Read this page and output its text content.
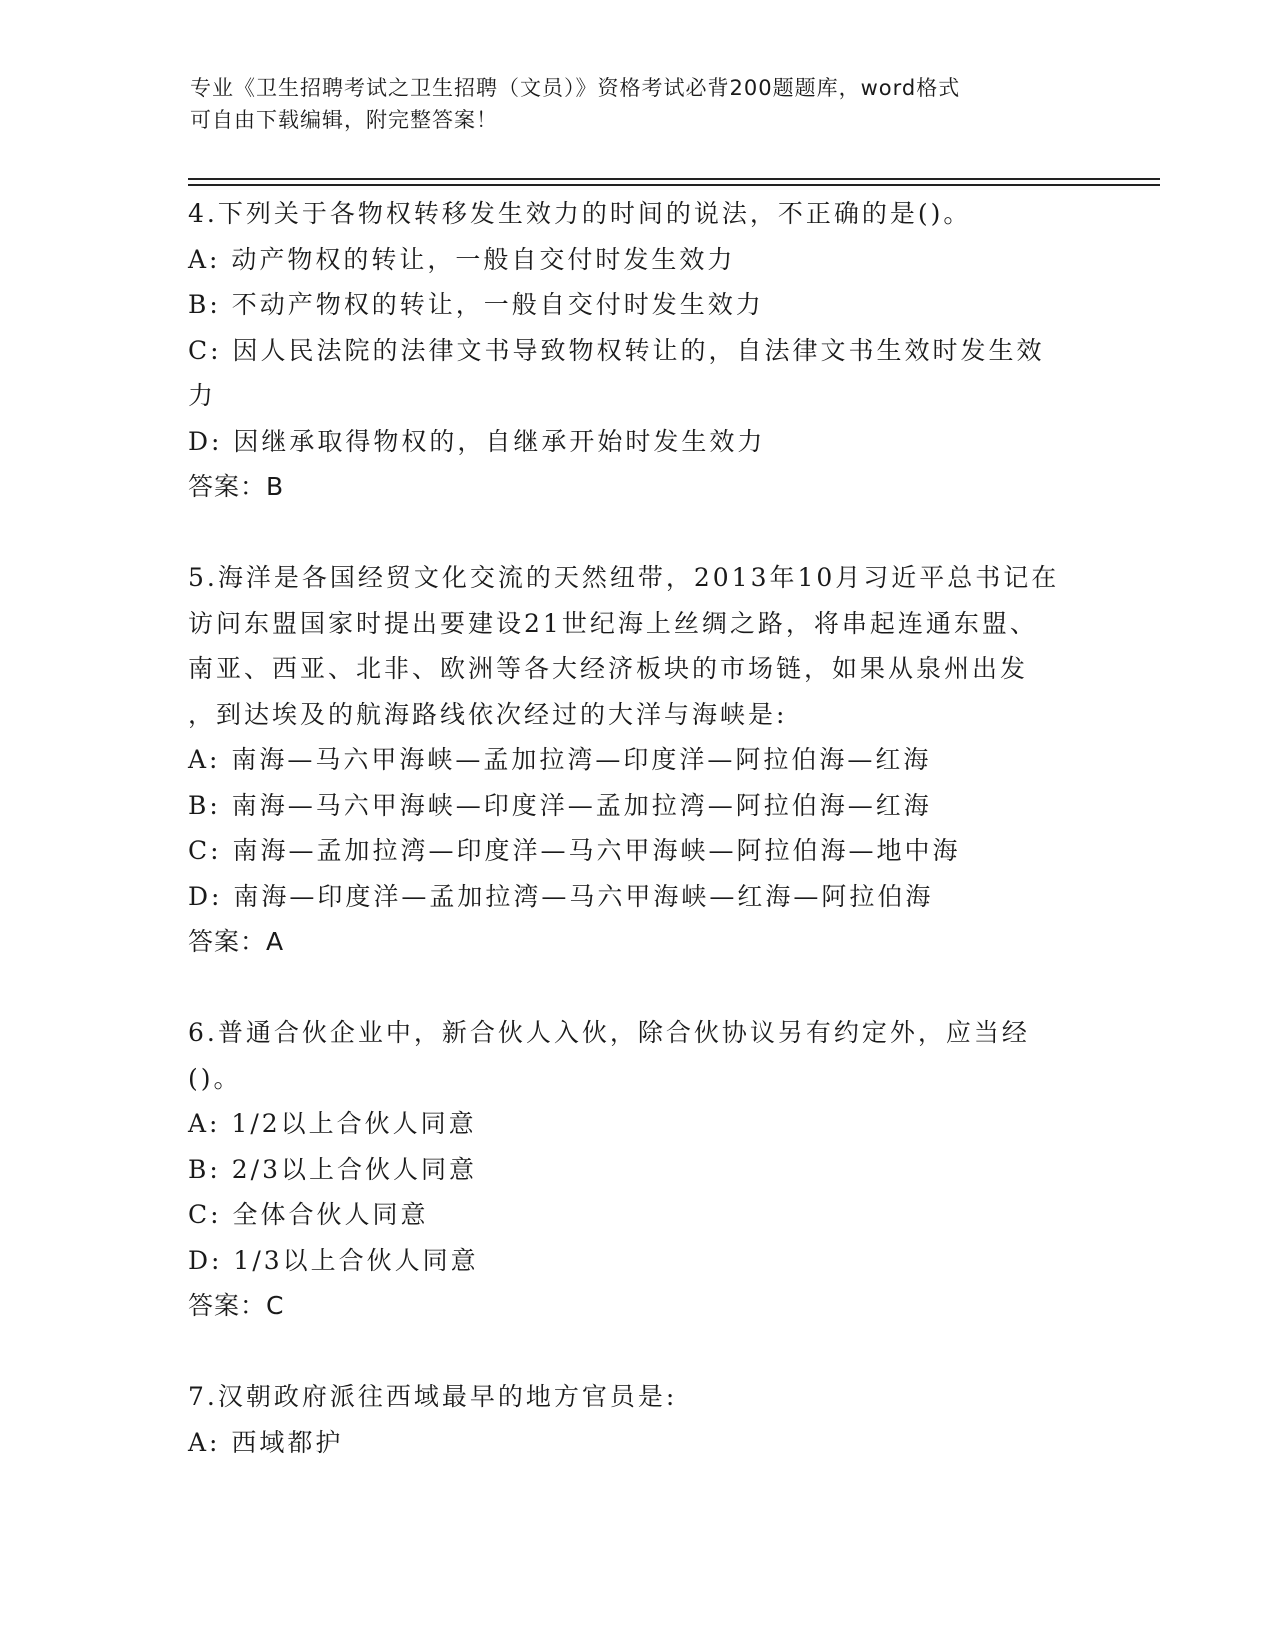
专业《卫生招聘考试之卫生招聘（文员）》资格考试必背200题题库，word格式
可自由下载编辑，附完整答案！
4.下列关于各物权转移发生效力的时间的说法，不正确的是()。
A: 动产物权的转让，一般自交付时发生效力
B: 不动产物权的转让，一般自交付时发生效力
C: 因人民法院的法律文书导致物权转让的，自法律文书生效时发生效
力
D: 因继承取得物权的，自继承开始时发生效力
答案：B
5.海洋是各国经贸文化交流的天然纽带，2013年10月习近平总书记在
访问东盟国家时提出要建设21世纪海上丝绸之路，将串起连通东盟、
南亚、西亚、北非、欧洲等各大经济板块的市场链，如果从泉州出发
，到达埃及的航海路线依次经过的大洋与海峡是:
A: 南海—马六甲海峡—孟加拉湾—印度洋—阿拉伯海—红海
B: 南海—马六甲海峡—印度洋—孟加拉湾—阿拉伯海—红海
C: 南海—孟加拉湾—印度洋—马六甲海峡—阿拉伯海—地中海
D: 南海—印度洋—孟加拉湾—马六甲海峡—红海—阿拉伯海
答案：A
6.普通合伙企业中，新合伙人入伙，除合伙协议另有约定外，应当经
()。
A: 1/2以上合伙人同意
B: 2/3以上合伙人同意
C: 全体合伙人同意
D: 1/3以上合伙人同意
答案：C
7.汉朝政府派往西域最早的地方官员是:
A: 西域都护
